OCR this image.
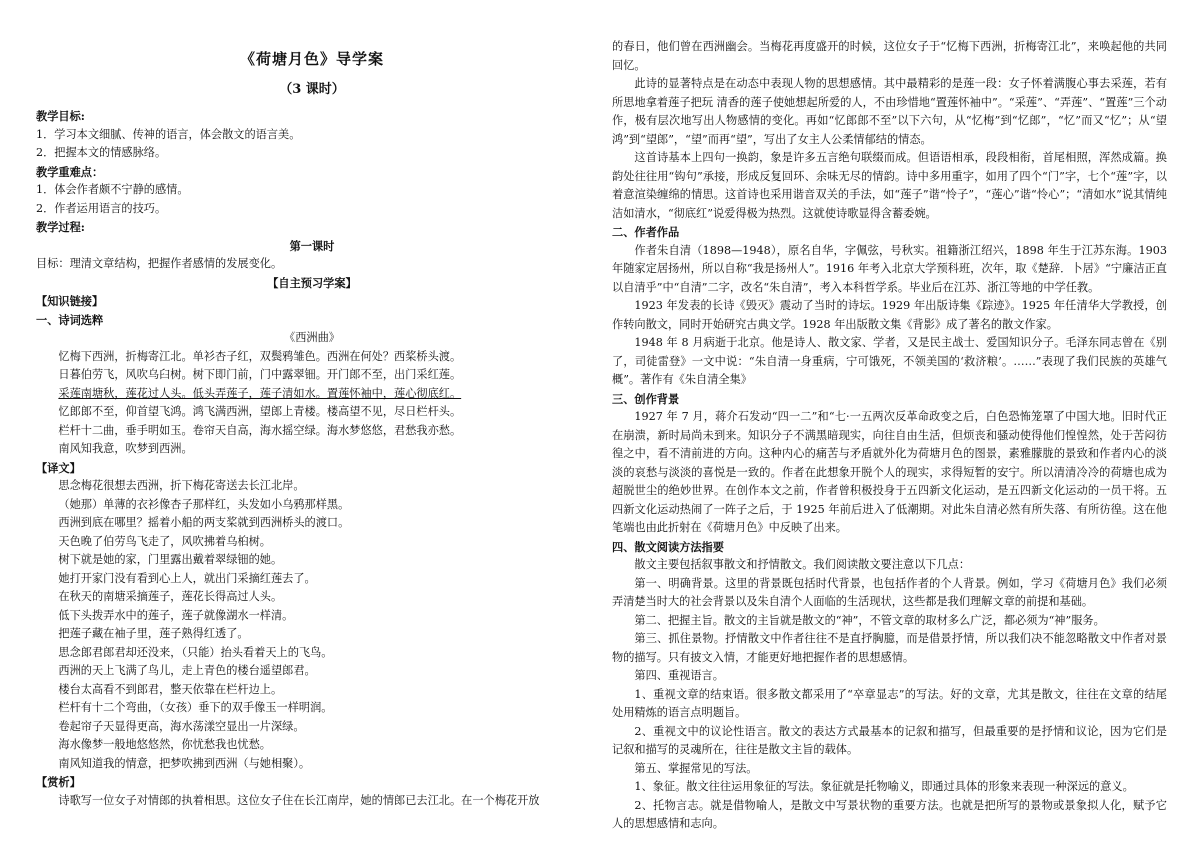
《荷塘月色》导学案
（3 课时）

教学目标:

1．学习本文细腻、传神的语言，体会散文的语言美。

2．把握本文的情感脉络。

教学重难点：

1．体会作者颇不宁静的感情。

2．作者运用语言的技巧。

教学过程:

第一课时

目标：理清文章结构，把握作者感情的发展变化。

【自主预习学案】

【知识链接】

一、诗词选粹

《西洲曲》

忆梅下西洲，折梅寄江北。单衫杏子红，双鬓鸦雏色。西洲在何处？西桨桥头渡。

日暮伯劳飞，风吹乌臼树。树下即门前，门中露翠钿。开门郎不至，出门采红莲。

采莲南塘秋，莲花过人头。低头弄莲子，莲子清如水。置莲怀袖中，莲心彻底红。

忆郎郎不至，仰首望飞鸿。鸿飞满西洲，望郎上青楼。楼高望不见，尽日栏杆头。

栏杆十二曲，垂手明如玉。卷帘天自高，海水摇空绿。海水梦悠悠，君愁我亦愁。

南风知我意，吹梦到西洲。

【译文】

思念梅花很想去西洲，折下梅花寄送去长江北岸。

（她那）单薄的衣衫像杏子那样红，头发如小乌鸦那样黑。

西洲到底在哪里？摇着小船的两支桨就到西洲桥头的渡口。

天色晚了伯劳鸟飞走了，风吹拂着乌桕树。

树下就是她的家，门里露出戴着翠绿钿的她。

她打开家门没有看到心上人，就出门采摘红莲去了。

在秋天的南塘采摘莲子，莲花长得高过人头。

低下头拨弄水中的莲子，莲子就像湖水一样清。

把莲子藏在袖子里，莲子熟得红透了。

思念郎君郎君却还没来，（只能）抬头看着天上的飞鸟。

西洲的天上飞满了鸟儿，走上青色的楼台遥望郎君。

楼台太高看不到郎君，整天依靠在栏杆边上。

栏杆有十二个弯曲，（女孩）垂下的双手像玉一样明润。

卷起帘子天显得更高，海水荡漾空显出一片深绿。

海水像梦一般地悠悠然，你忧愁我也忧愁。

南风知道我的情意，把梦吹拂到西洲（与她相聚）。

【赏析】

诗歌写一位女子对情郎的执着相思。这位女子住在长江南岸，她的情郎已去江北。在一个梅花开放

的春日，他们曾在西洲幽会。当梅花再度盛开的时候，这位女子于“忆梅下西洲，折梅寄江北”，来唤起他的共同回忆。

此诗的显著特点是在动态中表现人物的思想感情。其中最精彩的是莲一段：女子怀着满腹心事去采莲，若有所思地拿着莲子把玩 清香的莲子使她想起所爱的人，不由珍惜地“置莲怀袖中”。“采莲”、“弄莲”、“置莲”三个动作，极有层次地写出人物感情的变化。再如“忆郎郎不至”以下六句，从“忆梅”到“忆郎”，“忆”而又“忆”；从“望鸿”到“望郎”，“望”而再“望”，写出了女主人公柔情郁结的情态。

这首诗基本上四句一换韵，象是许多五言绝句联缀而成。但语语相承，段段相衔，首尾相照，浑然成篇。换韵处往往用“钩句”承接，形成反复回环、余味无尽的情韵。诗中多用重字，如用了四个“门”字，七个“莲”字，以着意渲染缠绵的情思。这首诗也采用谐音双关的手法，如“莲子”谐“怜子”，“莲心”谐“怜心”；“清如水”说其情纯洁如清水，“彻底红”说爱得极为热烈。这就使诗歌显得含蓄委婉。

二、作者作品

作者朱自清（1898—1948），原名自华，字佩弦，号秋实。祖籍浙江绍兴，1898 年生于江苏东海。1903 年随家定居扬州，所以自称“我是扬州人”。1916 年考入北京大学预科班，次年，取《楚辞．卜居》“宁廉洁正直以自清乎”中“自清”二字，改名“朱自清”，考入本科哲学系。毕业后在江苏、浙江等地的中学任教。

1923 年发表的长诗《毁灭》震动了当时的诗坛。1929 年出版诗集《踪迹》。1925 年任清华大学教授，创作转向散文，同时开始研究古典文学。1928 年出版散文集《背影》成了著名的散文作家。

1948 年 8 月病逝于北京。他是诗人、散文家、学者，又是民主战士、爱国知识分子。毛泽东同志曾在《别了，司徒雷登》一文中说：“朱自清一身重病，宁可饿死，不领美国的‘救济粮’。……”表现了我们民族的英雄气概”。著作有《朱自清全集》

三、创作背景

1927 年 7 月，蒋介石发动“四一二”和“七·一五两次反革命政变之后，白色恐怖笼罩了中国大地。旧时代正在崩溃，新时局尚未到来。知识分子不满黑暗现实，向往自由生活，但烦丧和骚动使得他们惶惶然，处于苦闷彷徨之中，看不清前进的方向。这种内心的痛苦与矛盾就外化为荷塘月色的图景，素雅朦胧的景致和作者内心的淡淡的哀愁与淡淡的喜悦是一致的。作者在此想象开脱个人的现实，求得短暂的安宁。所以清清冷冷的荷塘也成为超脱世尘的绝妙世界。在创作本文之前，作者曾积极投身于五四新文化运动，是五四新文化运动的一员干将。五四新文化运动热闹了一阵子之后，于 1925 年前后进入了低潮期。对此朱自清必然有所失落、有所彷徨。这在他笔端也由此折射在《荷塘月色》中反映了出来。

四、散文阅读方法指要

散文主要包括叙事散文和抒情散文。我们阅读散文要注意以下几点：

第一、明确背景。这里的背景既包括时代背景，也包括作者的个人背景。例如，学习《荷塘月色》我们必须弄清楚当时大的社会背景以及朱自清个人面临的生活现状，这些都是我们理解文章的前提和基础。

第二、把握主旨。散文的主旨就是散文的“神”，不管文章的取材多么广泛，都必须为“神”服务。

第三、抓住景物。抒情散文中作者往往不是直抒胸臆，而是借景抒情，所以我们决不能忽略散文中作者对景物的描写。只有披文入情，才能更好地把握作者的思想感情。

第四、重视语言。

1、重视文章的结束语。很多散文都采用了“卒章显志”的写法。好的文章，尤其是散文，往往在文章的结尾处用精炼的语言点明题旨。

2、重视文中的议论性语言。散文的表达方式最基本的记叙和描写，但最重要的是抒情和议论，因为它们是记叙和描写的灵魂所在，往往是散文主旨的载体。

第五、掌握常见的写法。

1、象征。散文往往运用象征的写法。象征就是托物喻义，即通过具体的形象来表现一种深远的意义。

2、托物言志。就是借物喻人，是散文中写景状物的重要方法。也就是把所写的景物或景象拟人化，赋予它人的思想感情和志向。
